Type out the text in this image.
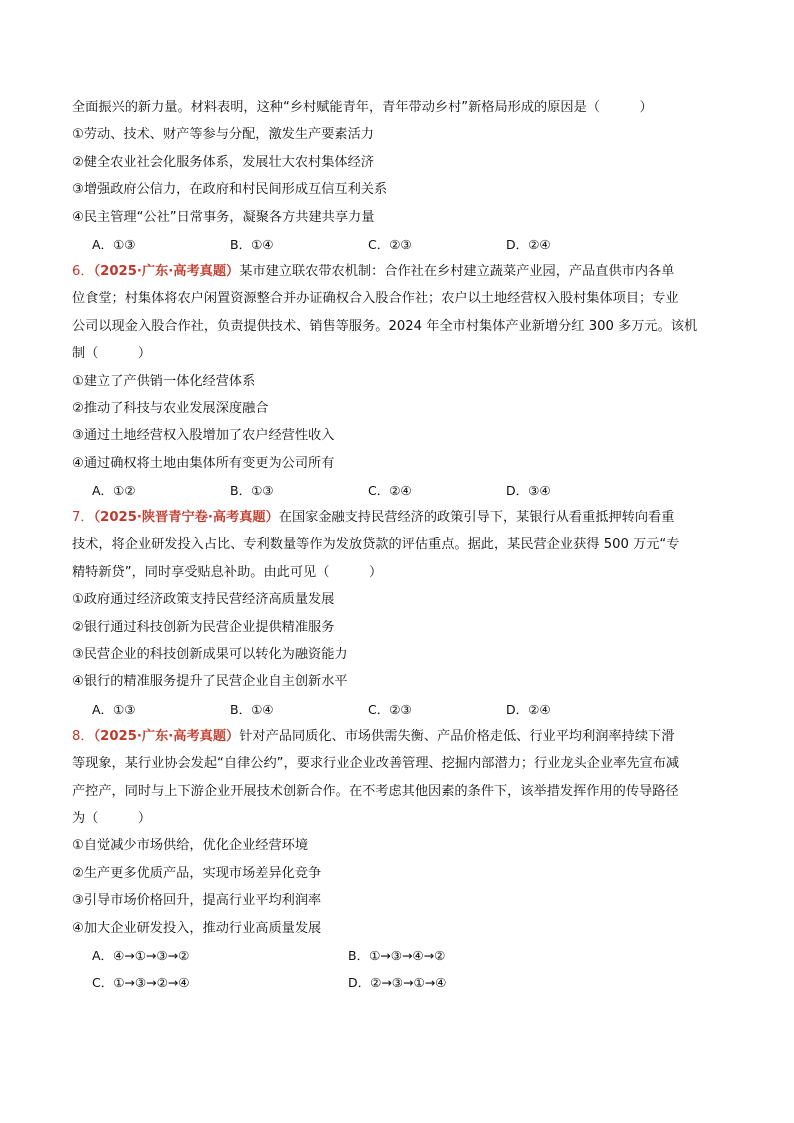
全面振兴的新力量。材料表明，这种“乡村赋能青年，青年带动乡村”新格局形成的原因是（　　　）
①劳动、技术、财产等参与分配，激发生产要素活力
②健全农业社会化服务体系，发展壮大农村集体经济
③增强政府公信力，在政府和村民间形成互信互利关系
④民主管理“公社”日常事务，凝聚各方共建共享力量
A．①③	B．①④	C．②③	D．②④
6．（2025·广东·高考真题）某市建立联农带农机制：合作社在乡村建立蔬菜产业园，产品直供市内各单
位食堂；村集体将农户闲置资源整合并办证确权合入股合作社；农户以土地经营权入股村集体项目；专业
公司以现金入股合作社，负责提供技术、销售等服务。2024 年全市村集体产业新增分红 300 多万元。该机
制（　　　）
①建立了产供销一体化经营体系
②推动了科技与农业发展深度融合
③通过土地经营权入股增加了农户经营性收入
④通过确权将土地由集体所有变更为公司所有
A．①②	B．①③	C．②④	D．③④
7．（2025·陕晋青宁卷·高考真题）在国家金融支持民营经济的政策引导下，某银行从看重抵押转向看重
技术，将企业研发投入占比、专利数量等作为发放贷款的评估重点。据此，某民营企业获得 500 万元“专
精特新贷”，同时享受贴息补助。由此可见（　　　）
①政府通过经济政策支持民营经济高质量发展
②银行通过科技创新为民营企业提供精准服务
③民营企业的科技创新成果可以转化为融资能力
④银行的精准服务提升了民营企业自主创新水平
A．①③	B．①④	C．②③	D．②④
8．（2025·广东·高考真题）针对产品同质化、市场供需失衡、产品价格走低、行业平均利润率持续下滑
等现象，某行业协会发起“自律公约”，要求行业企业改善管理、挖掘内部潜力；行业龙头企业率先宣布减
产控产，同时与上下游企业开展技术创新合作。在不考虑其他因素的条件下，该举措发挥作用的传导路径
为（　　　）
①自觉减少市场供给，优化企业经营环境
②生产更多优质产品，实现市场差异化竞争
③引导市场价格回升，提高行业平均利润率
④加大企业研发投入，推动行业高质量发展
A．④→①→③→②	B．①→③→④→②
C．①→③→②→④	D．②→③→①→④
